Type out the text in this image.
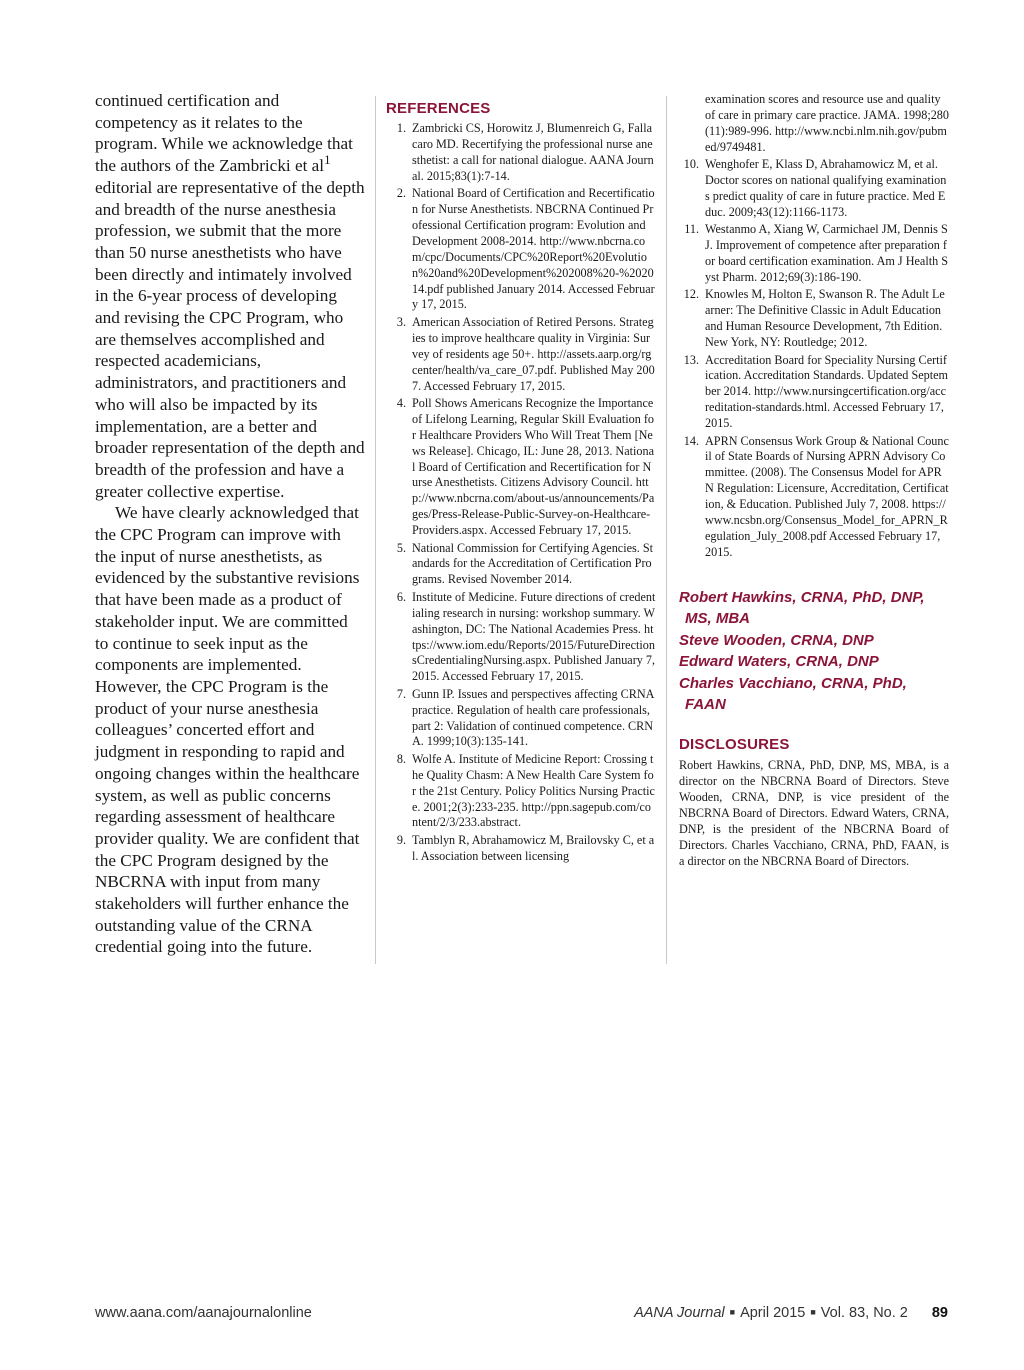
continued certification and competency as it relates to the program. While we acknowledge that the authors of the Zambricki et $al^1$ editorial are representative of the depth and breadth of the nurse anesthesia profession, we submit that the more than 50 nurse anesthetists who have been directly and intimately involved in the 6-year process of developing and revising the CPC Program, who are themselves accomplished and respected academicians, administrators, and practitioners and who will also be impacted by its implementation, are a better and broader representation of the depth and breadth of the profession and have a greater collective expertise.

We have clearly acknowledged that the CPC Program can improve with the input of nurse anesthetists, as evidenced by the substantive revisions that have been made as a product of stakeholder input. We are committed to continue to seek input as the components are implemented. However, the CPC Program is the product of your nurse anesthesia colleagues’ concerted effort and judgment in responding to rapid and ongoing changes within the healthcare system, as well as public concerns regarding assessment of healthcare provider quality. We are confident that the CPC Program designed by the NBCRNA with input from many stakeholders will further enhance the outstanding value of the CRNA credential going into the future.

REFERENCES
1. Zambricki CS, Horowitz J, Blumenreich G, Fallacaro MD. Recertifying the professional nurse anesthetist: a call for national dialogue. AANA Journal. 2015;83(1):7-14.
2. National Board of Certification and Recertification for Nurse Anesthetists. NBCRNA Continued Professional Certification program: Evolution and Development 2008-2014. http://www.nbcrna.com/cpc/Documents/CPC%20Report%20Evolution%20and%20Development%202008%20-%202014.pdf published January 2014. Accessed February 17, 2015.
3. American Association of Retired Persons. Strategies to improve healthcare quality in Virginia: Survey of residents age 50+. http://assets.aarp.org/rgcenter/health/va_care_07.pdf. Published May 2007. Accessed February 17, 2015.
4. Poll Shows Americans Recognize the Importance of Lifelong Learning, Regular Skill Evaluation for Healthcare Providers Who Will Treat Them [News Release]. Chicago, IL: June 28, 2013. National Board of Certification and Recertification for Nurse Anesthetists. Citizens Advisory Council. http://www.nbcrna.com/about-us/announcements/Pages/Press-Release-Public-Survey-on-Healthcare-Providers.aspx. Accessed February 17, 2015.
5. National Commission for Certifying Agencies. Standards for the Accreditation of Certification Programs. Revised November 2014.
6. Institute of Medicine. Future directions of credentialing research in nursing: workshop summary. Washington, DC: The National Academies Press. https://www.iom.edu/Reports/2015/FutureDirectionsCredentialingNursing.aspx. Published January 7, 2015. Accessed February 17, 2015.
7. Gunn IP. Issues and perspectives affecting CRNA practice. Regulation of health care professionals, part 2: Validation of continued competence. CRNA. 1999;10(3):135-141.
8. Wolfe A. Institute of Medicine Report: Crossing the Quality Chasm: A New Health Care System for the 21st Century. Policy Politics Nursing Practice. 2001;2(3):233-235. http://ppn.sagepub.com/content/2/3/233.abstract.
9. Tamblyn R, Abrahamowicz M, Brailovsky C, et al. Association between licensing
examination scores and resource use and quality of care in primary care practice. JAMA. 1998;280(11):989-996. http://www.ncbi.nlm.nih.gov/pubmed/9749481.
10. Wenghofer E, Klass D, Abrahamowicz M, et al. Doctor scores on national qualifying examinations predict quality of care in future practice. Med Educ. 2009;43(12):1166-1173.
11. Westanmo A, Xiang W, Carmichael JM, Dennis SJ. Improvement of competence after preparation for board certification examination. Am J Health Syst Pharm. 2012;69(3):186-190.
12. Knowles M, Holton E, Swanson R. The Adult Learner: The Definitive Classic in Adult Education and Human Resource Development, 7th Edition. New York, NY: Routledge; 2012.
13. Accreditation Board for Speciality Nursing Certification. Accreditation Standards. Updated September 2014. http://www.nursingcertification.org/accreditation-standards.html. Accessed February 17, 2015.
14. APRN Consensus Work Group & National Council of State Boards of Nursing APRN Advisory Committee. (2008). The Consensus Model for APRN Regulation: Licensure, Accreditation, Certification, & Education. Published July 7, 2008. https://www.ncsbn.org/Consensus_Model_for_APRN_Regulation_July_2008.pdf Accessed February 17, 2015.
Robert Hawkins, CRNA, PhD, DNP,
MS, MBA
Steve Wooden, CRNA, DNP
Edward Waters, CRNA, DNP
Charles Vacchiano, CRNA, PhD,
FAAN
DISCLOSURES

Robert Hawkins, CRNA, PhD, DNP, MS, MBA, is a director on the NBCRNA Board of Directors. Steve Wooden, CRNA, DNP, is vice president of the NBCRNA Board of Directors. Edward Waters, CRNA, DNP, is the president of the NBCRNA Board of Directors. Charles Vacchiano, CRNA, PhD, FAAN, is a director on the NBCRNA Board of Directors.

www.aana.com/aanajournalonline	AANA Journal ■ April 2015 ■ Vol. 83, No. 2 89
